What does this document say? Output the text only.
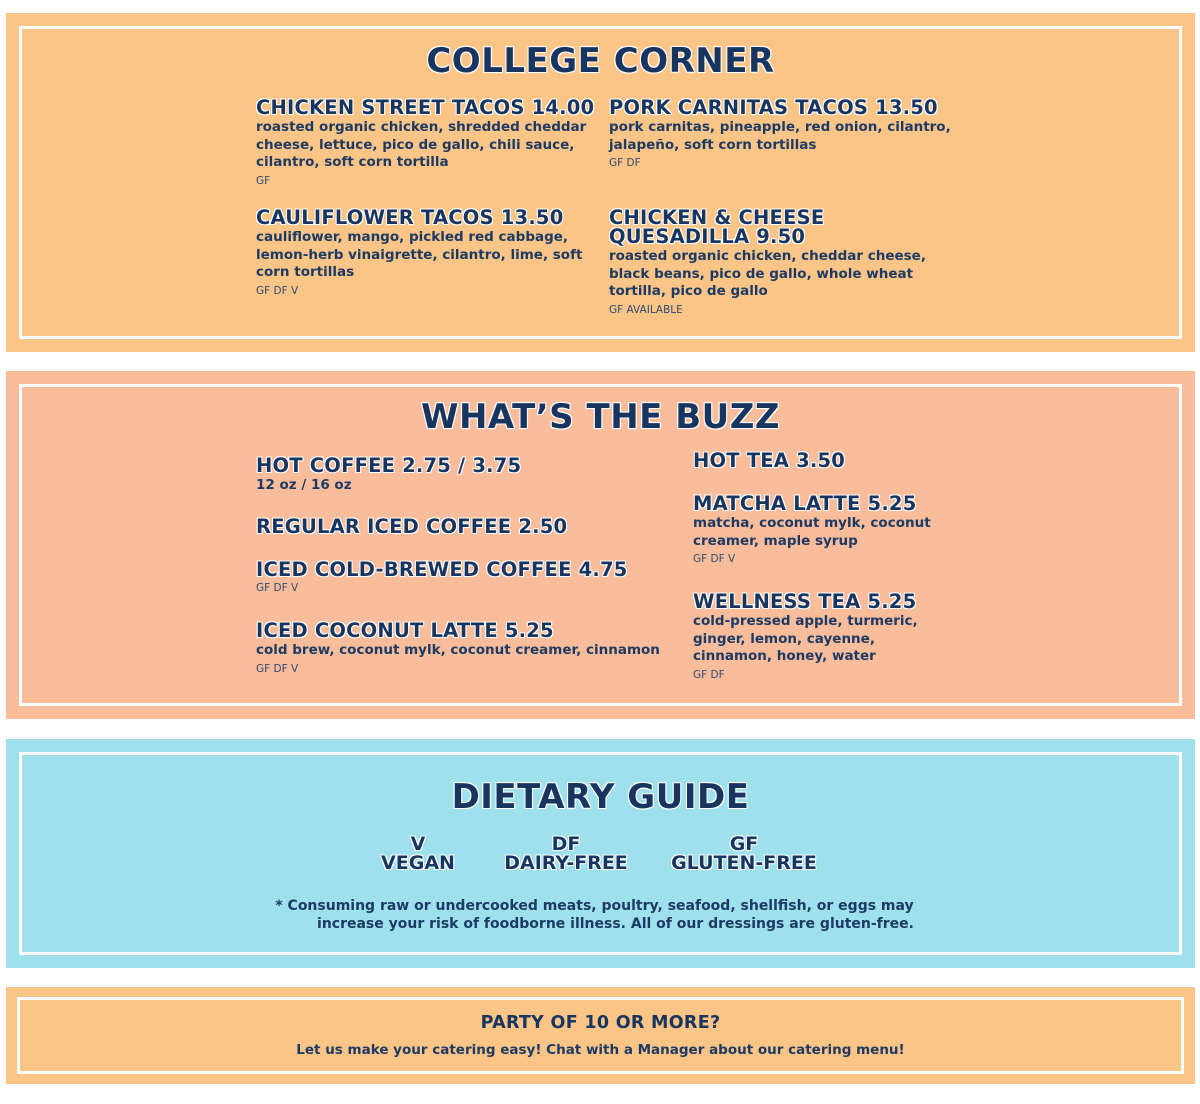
COLLEGE CORNER
CHICKEN STREET TACOS 14.00
roasted organic chicken, shredded cheddar cheese, lettuce, pico de gallo, chili sauce, cilantro, soft corn tortilla
GF
PORK CARNITAS TACOS 13.50
pork carnitas, pineapple, red onion, cilantro, jalapeño, soft corn tortillas
GF DF
CAULIFLOWER TACOS 13.50
cauliflower, mango, pickled red cabbage, lemon-herb vinaigrette, cilantro, lime, soft corn tortillas
GF DF V
CHICKEN & CHEESE
QUESADILLA 9.50
roasted organic chicken, cheddar cheese, black beans, pico de gallo, whole wheat tortilla, pico de gallo
GF AVAILABLE
WHAT’S THE BUZZ
HOT COFFEE 2.75 / 3.75
12 oz / 16 oz
REGULAR ICED COFFEE 2.50
ICED COLD-BREWED COFFEE 4.75
GF DF V
ICED COCONUT LATTE 5.25
cold brew, coconut mylk, coconut creamer, cinnamon
GF DF V
HOT TEA 3.50
MATCHA LATTE 5.25
matcha, coconut mylk, coconut creamer, maple syrup
GF DF V
WELLNESS TEA 5.25
cold-pressed apple, turmeric, ginger, lemon, cayenne, cinnamon, honey, water
GF DF
DIETARY GUIDE
V
VEGAN
DF
DAIRY-FREE
GF
GLUTEN-FREE
* Consuming raw or undercooked meats, poultry, seafood, shellfish, or eggs may
increase your risk of foodborne illness. All of our dressings are gluten-free.
PARTY OF 10 OR MORE?
Let us make your catering easy! Chat with a Manager about our catering menu!
